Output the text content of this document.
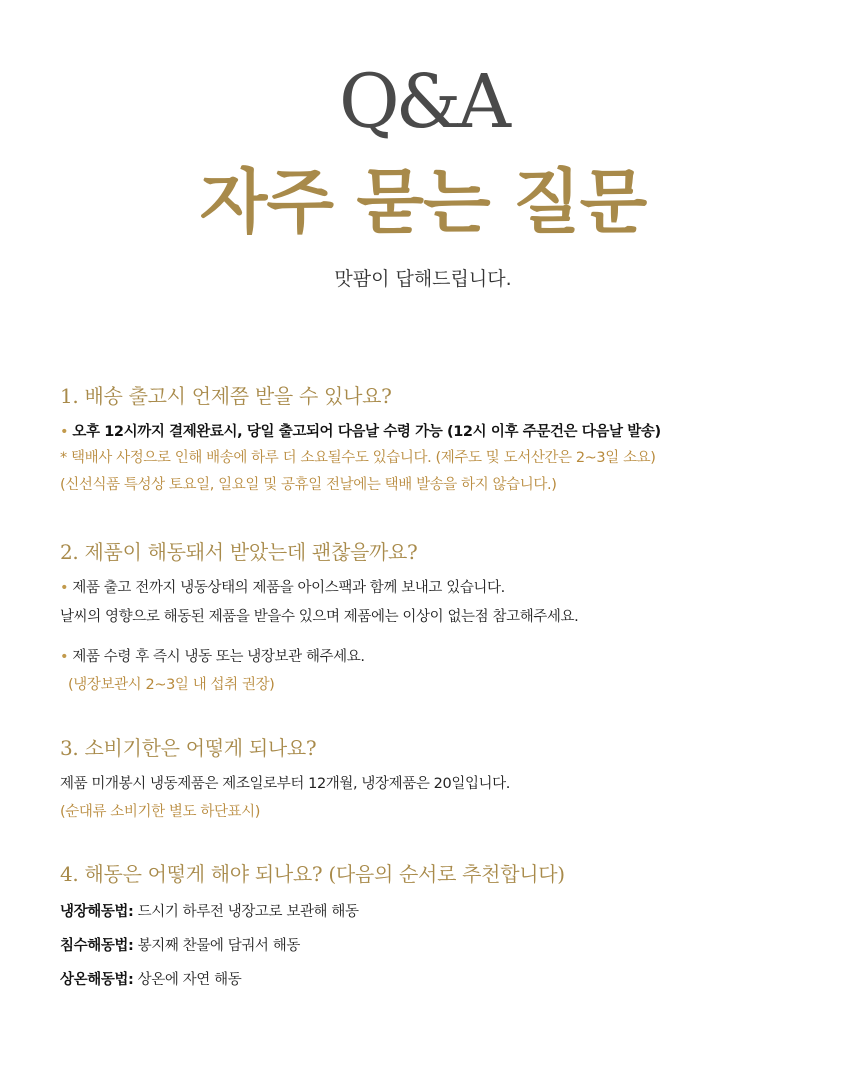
Q&A
자주 묻는 질문
맛팜이 답해드립니다.
1. 배송 출고시 언제쯤 받을 수 있나요?
• 오후 12시까지 결제완료시, 당일 출고되어 다음날 수령 가능 (12시 이후 주문건은 다음날 발송)
* 택배사 사정으로 인해 배송에 하루 더 소요될수도 있습니다. (제주도 및 도서산간은 2~3일 소요)
(신선식품 특성상 토요일, 일요일 및 공휴일 전날에는 택배 발송을 하지 않습니다.)
2. 제품이 해동돼서 받았는데 괜찮을까요?
• 제품 출고 전까지 냉동상태의 제품을 아이스팩과 함께 보내고 있습니다.
날씨의 영향으로 해동된 제품을 받을수 있으며 제품에는 이상이 없는점 참고해주세요.
• 제품 수령 후 즉시 냉동 또는 냉장보관 해주세요.
(냉장보관시 2~3일 내 섭취 권장)
3. 소비기한은 어떻게 되나요?
제품 미개봉시 냉동제품은 제조일로부터 12개월, 냉장제품은 20일입니다.
(순대류 소비기한 별도 하단표시)
4. 해동은 어떻게 해야 되나요? (다음의 순서로 추천합니다)
냉장해동법: 드시기 하루전 냉장고로 보관해 해동
침수해동법: 봉지째 찬물에 담궈서 해동
상온해동법: 상온에 자연 해동
